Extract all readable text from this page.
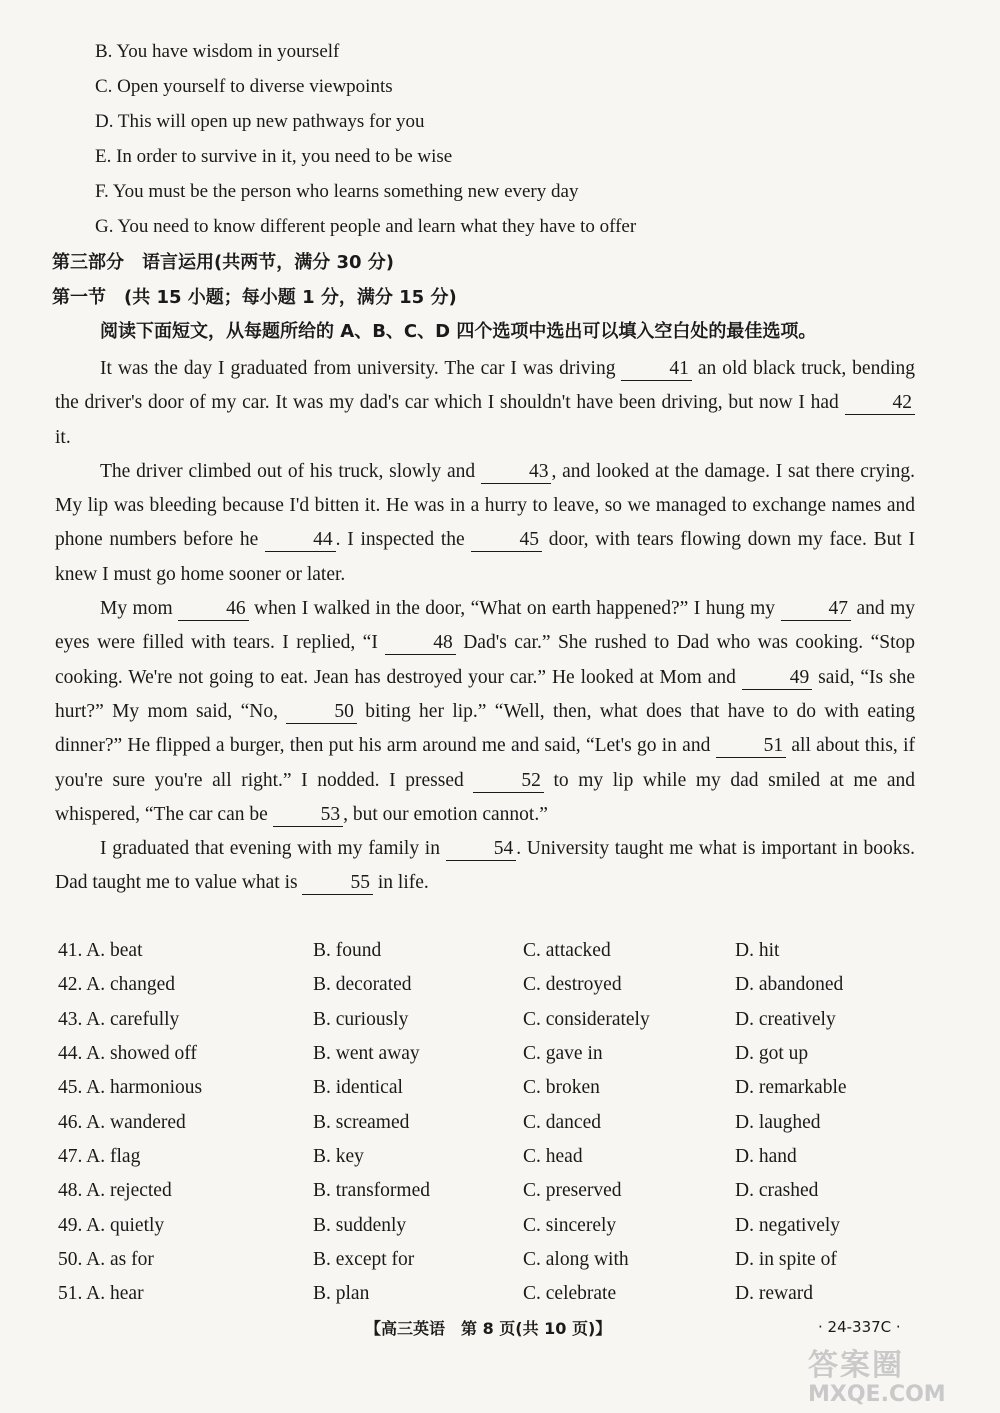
B. You have wisdom in yourself
C. Open yourself to diverse viewpoints
D. This will open up new pathways for you
E. In order to survive in it, you need to be wise
F. You must be the person who learns something new every day
G. You need to know different people and learn what they have to offer
第三部分　语言运用(共两节，满分 30 分)
第一节　(共 15 小题；每小题 1 分，满分 15 分)
阅读下面短文，从每题所给的 A、B、C、D 四个选项中选出可以填入空白处的最佳选项。

It was the day I graduated from university. The car I was driving 41 an old black truck, bending the driver's door of my car. It was my dad's car which I shouldn't have been driving, but now I had 42 it.

The driver climbed out of his truck, slowly and 43 , and looked at the damage. I sat there crying. My lip was bleeding because I'd bitten it. He was in a hurry to leave, so we managed to exchange names and phone numbers before he 44 . I inspected the 45 door, with tears flowing down my face. But I knew I must go home sooner or later.

My mom 46 when I walked in the door, “What on earth happened?” I hung my 47 and my eyes were filled with tears. I replied, “I 48 Dad's car.” She rushed to Dad who was cooking. “Stop cooking. We're not going to eat. Jean has destroyed your car.” He looked at Mom and 49 said, “Is she hurt?” My mom said, “No, 50 biting her lip.” “Well, then, what does that have to do with eating dinner?” He flipped a burger, then put his arm around me and said, “Let's go in and 51 all about this, if you're sure you're all right.” I nodded. I pressed 52 to my lip while my dad smiled at me and whispered, “The car can be 53 , but our emotion cannot.”

I graduated that evening with my family in 54 . University taught me what is important in books. Dad taught me to value what is 55 in life.

41. A. beat	B. found	C. attacked	D. hit
42. A. changed	B. decorated	C. destroyed	D. abandoned
43. A. carefully	B. curiously	C. considerately	D. creatively
44. A. showed off	B. went away	C. gave in	D. got up
45. A. harmonious	B. identical	C. broken	D. remarkable
46. A. wandered	B. screamed	C. danced	D. laughed
47. A. flag	B. key	C. head	D. hand
48. A. rejected	B. transformed	C. preserved	D. crashed
49. A. quietly	B. suddenly	C. sincerely	D. negatively
50. A. as for	B. except for	C. along with	D. in spite of
51. A. hear	B. plan	C. celebrate	D. reward
【高三英语　第 8 页(共 10 页)】	· 24-337C ·
答案圈
MXQE.COM
